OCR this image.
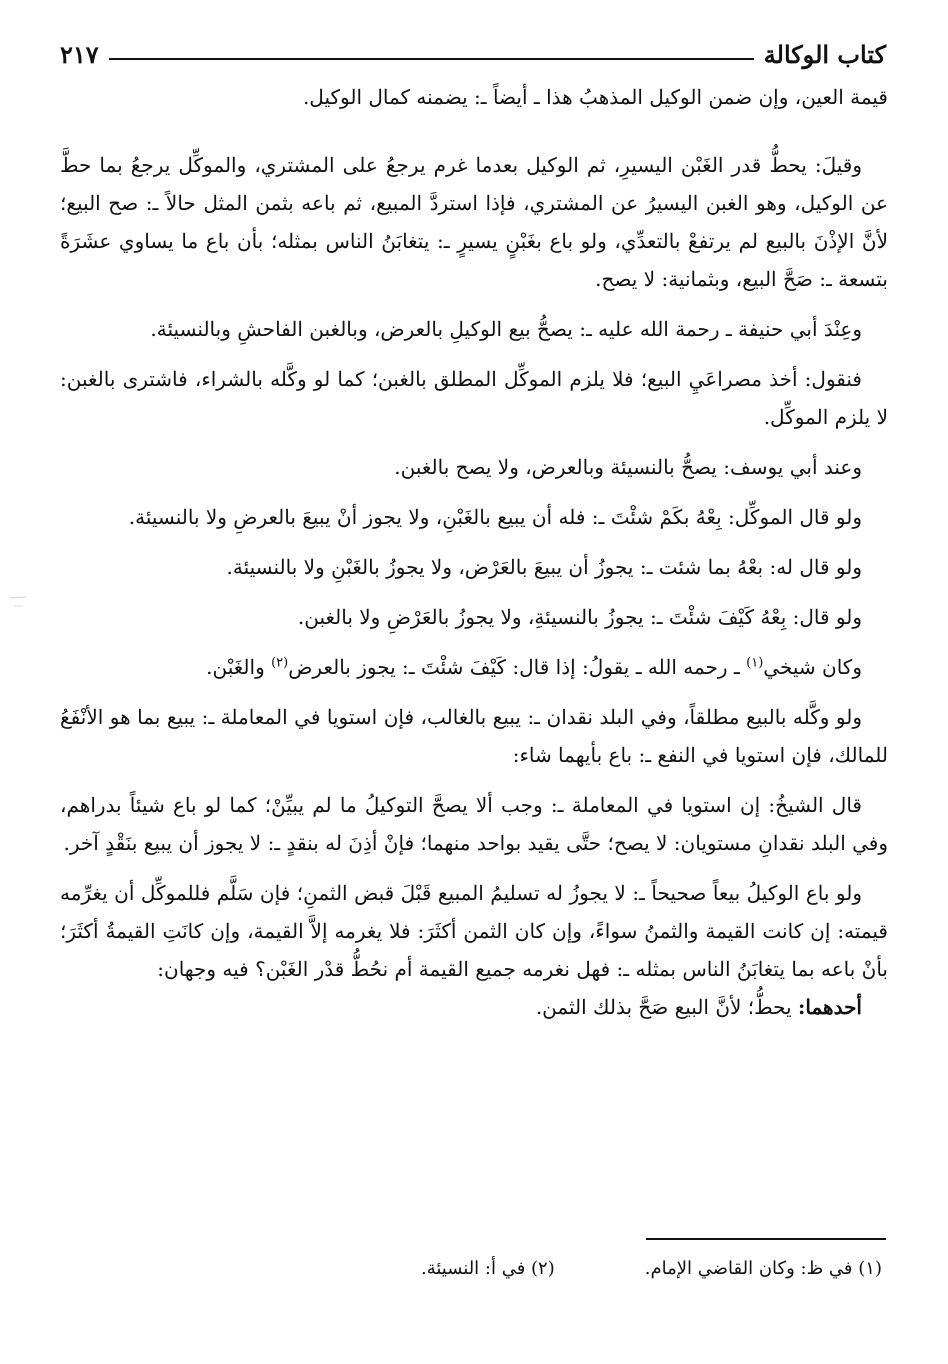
كتاب الوكالة
٢١٧

قيمة العين، وإن ضمن الوكيل المذهبُ هذا ـ أيضاً ـ: يضمنه كمال الوكيل.

وقيلَ: يحطُّ قدر الغَبْن اليسيرِ، ثم الوكيل بعدما غرم يرجعُ على المشتري، والموكِّل يرجعُ بما حطَّ عن الوكيل، وهو الغبن اليسيرُ عن المشتري، فإذا استردَّ المبيع، ثم باعه بثمن المثل حالاً ـ: صح البيع؛ لأنَّ الإذْنَ بالبيع لم يرتفعْ بالتعدِّي، ولو باع بغَبْنٍ يسيرٍ ـ: يتغابَنُ الناس بمثله؛ بأن باع ما يساوي عشَرَةً بتسعة ـ: صَحَّ البيع، وبثمانية: لا يصح.

وعِنْدَ أبي حنيفة ـ رحمة الله عليه ـ: يصحُّ بيع الوكيلِ بالعرض، وبالغبن الفاحشِ وبالنسيئة.

فنقول: أخذ مصراعَيِ البيع؛ فلا يلزم الموكِّل المطلق بالغبن؛ كما لو وكَّله بالشراء، فاشترى بالغبن: لا يلزم الموكِّل.

وعند أبي يوسف: يصحُّ بالنسيئة وبالعرض، ولا يصح بالغبن.

ولو قال الموكِّل: بِعْهُ بكَمْ شئْتَ ـ: فله أن يبيع بالغَبْنِ، ولا يجوز أنْ يبيعَ بالعرضِ ولا بالنسيئة.

ولو قال له: بعْهُ بما شئت ـ: يجوزُ أن يبيعَ بالعَرْض، ولا يجوزُ بالغَبْنِ ولا بالنسيئة.

ولو قال: بِعْهُ كَيْفَ شئْتَ ـ: يجوزُ بالنسيئةِ، ولا يجوزُ بالعَرْضِ ولا بالغبن.

وكان شيخي$^{(١)}$ ـ رحمه الله ـ يقولُ: إذا قال: كَيْفَ شئْتَ ـ: يجوز بالعرض$^{(٢)}$ والغَبْن.

ولو وكَّله بالبيع مطلقاً، وفي البلد نقدان ـ: يبيع بالغالب، فإن استويا في المعاملة ـ: يبيع بما هو الأنْفَعُ للمالك، فإن استويا في النفع ـ: باع بأيهما شاء:

قال الشيخُ: إن استويا في المعاملة ـ: وجب ألا يصحَّ التوكيلُ ما لم يبيِّنْ؛ كما لو باع شيئاً بدراهم، وفي البلد نقدانِ مستويان: لا يصح؛ حتَّى يقيد بواحد منهما؛ فإنْ أذِنَ له بنقدٍ ـ: لا يجوز أن يبيع بنَقْدٍ آخر.

ولو باع الوكيلُ بيعاً صحيحاً ـ: لا يجوزُ له تسليمُ المبيع قَبْلَ قبض الثمنِ؛ فإن سَلَّم فللموكِّل أن يغرِّمه قيمته: إن كانت القيمة والثمنُ سواءً، وإن كان الثمن أكثَرَ: فلا يغرمه إلاَّ القيمة، وإن كانَتِ القيمةُ أكثَرَ؛ بأنْ باعه بما يتغابَنُ الناس بمثله ـ: فهل نغرمه جميع القيمة أم نحُطُّ قدْر الغَبْن؟ فيه وجهان:

أحدهما: يحطُّ؛ لأنَّ البيع صَحَّ بذلك الثمن.

(١) في ظ: وكان القاضي الإمام.
(٢) في أ: النسيئة.
